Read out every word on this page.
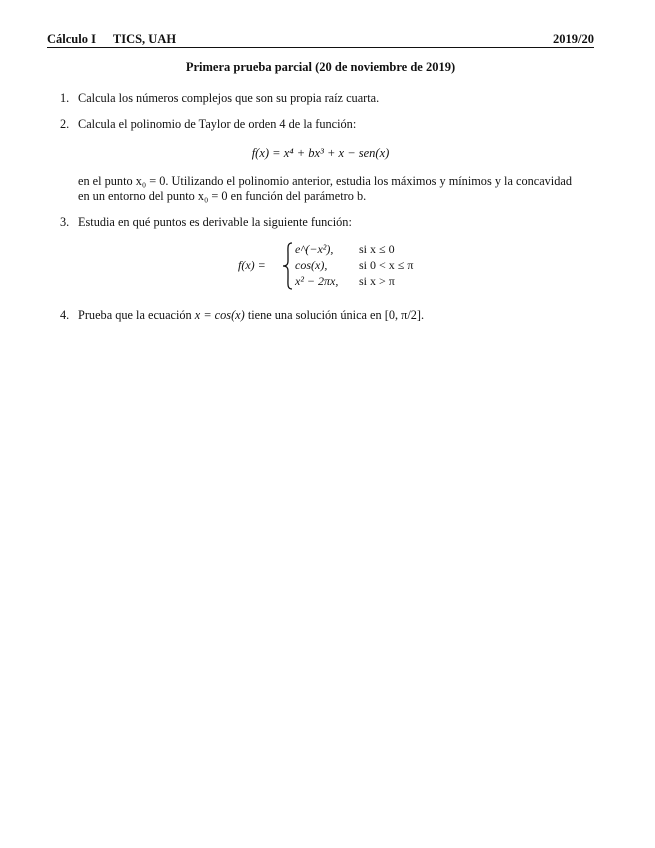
Cálculo I TICS, UAH	2019/20
Primera prueba parcial (20 de noviembre de 2019)
1. Calcula los números complejos que son su propia raíz cuarta.
2. Calcula el polinomio de Taylor de orden 4 de la función:
f(x) = x⁴ + bx³ + x − sen(x)
en el punto x₀ = 0. Utilizando el polinomio anterior, estudia los máximos y mínimos y la concavidad
en un entorno del punto x₀ = 0 en función del parámetro b.
3. Estudia en qué puntos es derivable la siguiente función:
f(x) =
e^(−x²), si x ≤ 0
cos(x),	si 0 < x ≤ π
x² − 2πx, si x > π
4. Prueba que la ecuación x = cos(x) tiene una solución única en [0, π/2].
